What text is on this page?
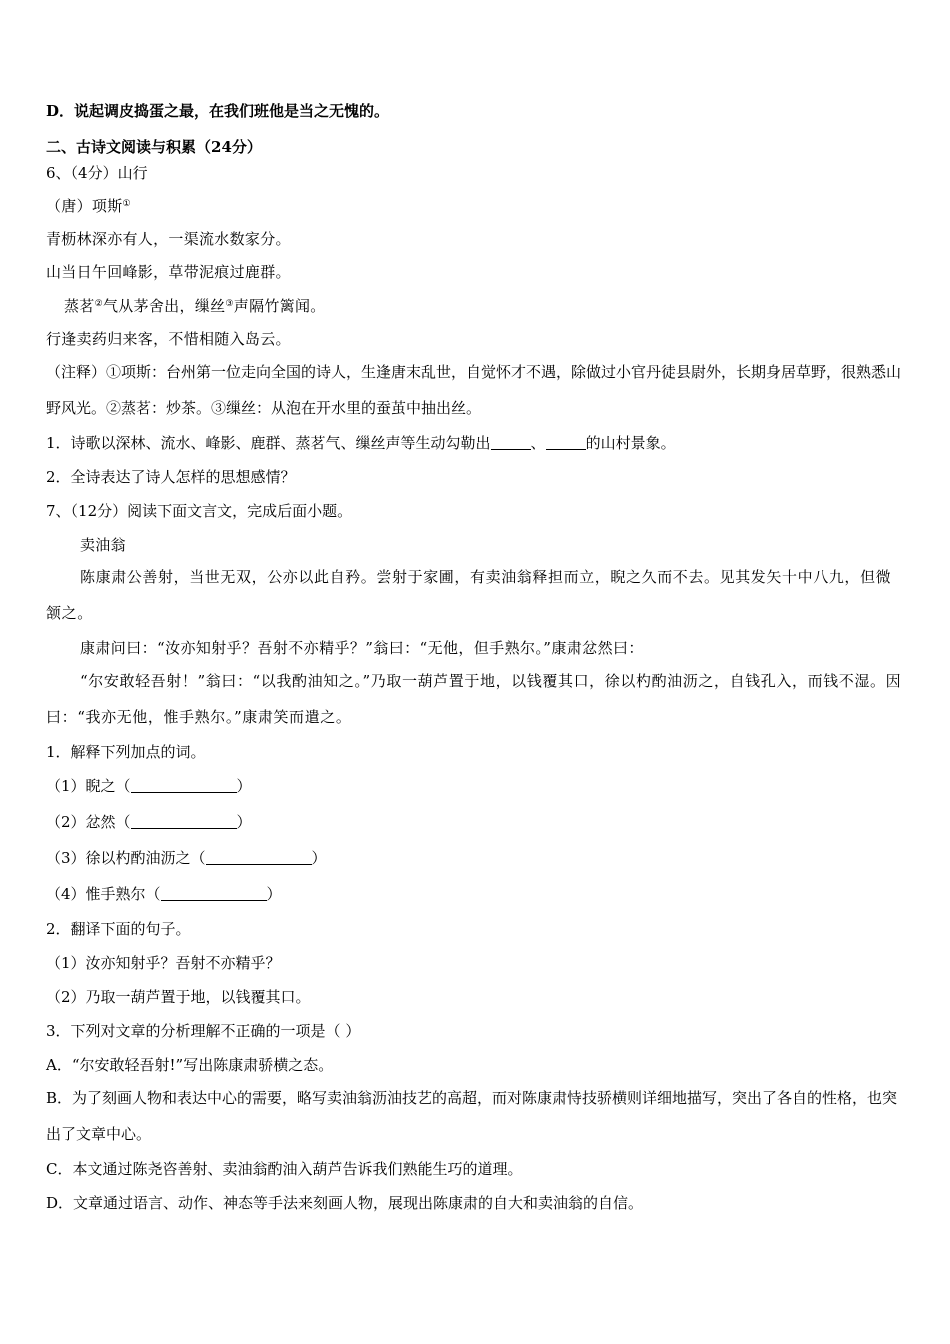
D．说起调皮捣蛋之最，在我们班他是当之无愧的。
二、古诗文阅读与积累（24分）
6、（4分）山行
（唐）项斯①
青枥林深亦有人，一渠流水数家分。
山当日午回峰影，草带泥痕过鹿群。
蒸茗②气从茅舍出，缫丝③声隔竹篱闻。
行逢卖药归来客，不惜相随入岛云。
（注释）①项斯：台州第一位走向全国的诗人，生逢唐末乱世，自觉怀才不遇，除做过小官丹徒县尉外，长期身居草野，很熟悉山野风光。②蒸茗：炒茶。③缫丝：从泡在开水里的蚕茧中抽出丝。
1．诗歌以深林、流水、峰影、鹿群、蒸茗气、缫丝声等生动勾勒出	、	的山村景象。
2．全诗表达了诗人怎样的思想感情？
7、（12分）阅读下面文言文，完成后面小题。
卖油翁
陈康肃公善射，当世无双，公亦以此自矜。尝射于家圃，有卖油翁释担而立，睨之久而不去。见其发矢十中八九，但微颔之。
康肃问曰：“汝亦知射乎？吾射不亦精乎？”翁曰：“无他，但手熟尔。”康肃忿然曰：
“尔安敢轻吾射！”翁曰：“以我酌油知之。”乃取一葫芦置于地，以钱覆其口，徐以杓酌油沥之，自钱孔入，而钱不湿。因曰：“我亦无他，惟手熟尔。”康肃笑而遣之。
1．解释下列加点的词。
（1）睨之（	）
（2）忿然（	）
（3）徐以杓酌油沥之（	）
（4）惟手熟尔（	）
2．翻译下面的句子。
（1）汝亦知射乎？吾射不亦精乎？
（2）乃取一葫芦置于地，以钱覆其口。
3．下列对文章的分析理解不正确的一项是（ ）
A．“尔安敢轻吾射!”写出陈康肃骄横之态。
B．为了刻画人物和表达中心的需要，略写卖油翁沥油技艺的高超，而对陈康肃恃技骄横则详细地描写，突出了各自的性格，也突出了文章中心。
C．本文通过陈尧咨善射、卖油翁酌油入葫芦告诉我们熟能生巧的道理。
D．文章通过语言、动作、神态等手法来刻画人物，展现出陈康肃的自大和卖油翁的自信。
